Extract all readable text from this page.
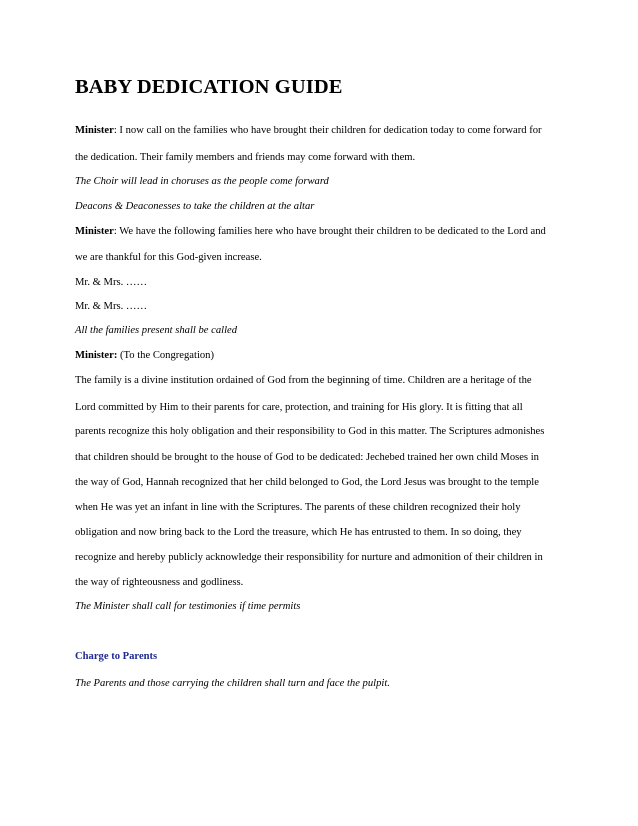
BABY DEDICATION GUIDE
Minister: I now call on the families who have brought their children for dedication today to come forward for
the dedication. Their family members and friends may come forward with them.
The Choir will lead in choruses as the people come forward
Deacons & Deaconesses to take the children at the altar
Minister: We have the following families here who have brought their children to be dedicated to the Lord and
we are thankful for this God-given increase.
Mr. & Mrs. ……
Mr. & Mrs. ……
All the families present shall be called
Minister: (To the Congregation)
The family is a divine institution ordained of God from the beginning of time. Children are a heritage of the
Lord committed by Him to their parents for care, protection, and training for His glory. It is fitting that all
parents recognize this holy obligation and their responsibility to God in this matter. The Scriptures admonishes
that children should be brought to the house of God to be dedicated: Jechebed trained her own child Moses in
the way of God, Hannah recognized that her child belonged to God, the Lord Jesus was brought to the temple
when He was yet an infant in line with the Scriptures. The parents of these children recognized their holy
obligation and now bring back to the Lord the treasure, which He has entrusted to them. In so doing, they
recognize and hereby publicly acknowledge their responsibility for nurture and admonition of their children in
the way of righteousness and godliness.
The Minister shall call for testimonies if time permits
Charge to Parents
The Parents and those carrying the children shall turn and face the pulpit.
